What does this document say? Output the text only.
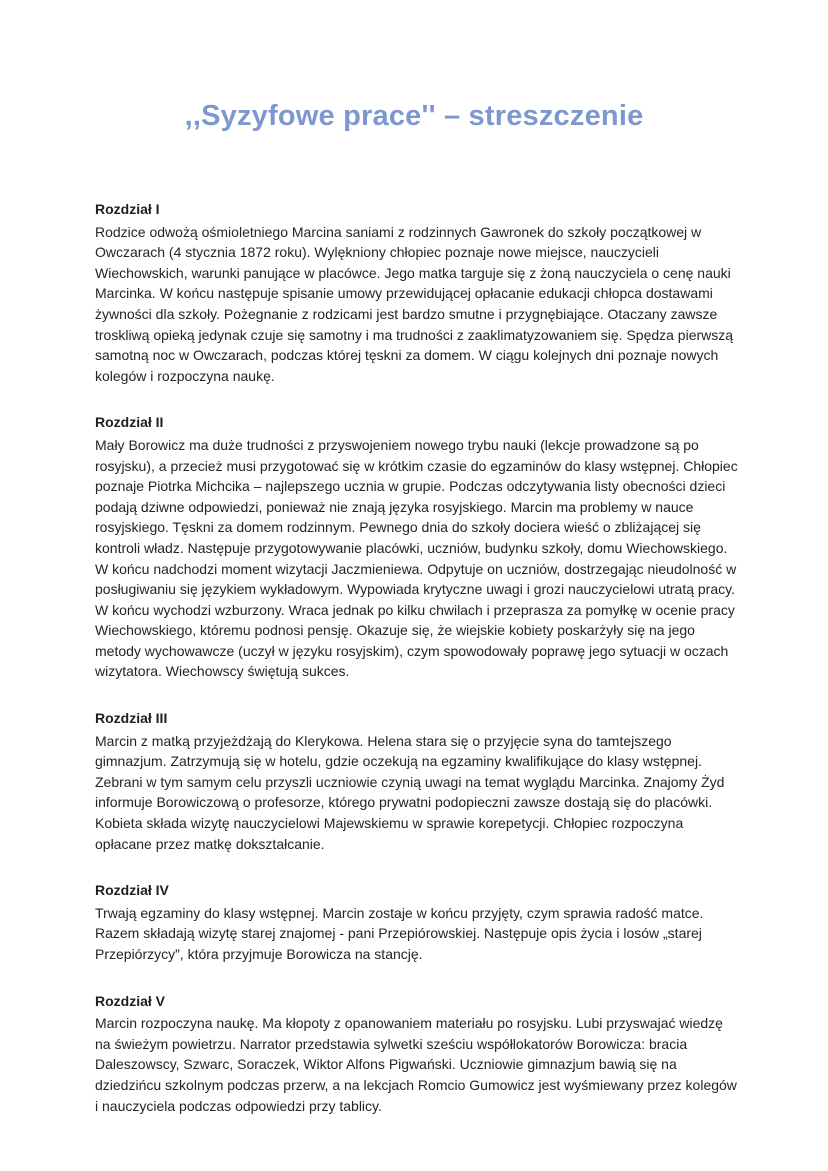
,,Syzyfowe prace'' – streszczenie
Rozdział I

Rodzice odwożą ośmioletniego Marcina saniami z rodzinnych Gawronek do szkoły początkowej w Owczarach (4 stycznia 1872 roku). Wylękniony chłopiec poznaje nowe miejsce, nauczycieli Wiechowskich, warunki panujące w placówce. Jego matka targuje się z żoną nauczyciela o cenę nauki Marcinka. W końcu następuje spisanie umowy przewidującej opłacanie edukacji chłopca dostawami żywności dla szkoły. Pożegnanie z rodzicami jest bardzo smutne i przygnębiające. Otaczany zawsze troskliwą opieką jedynak czuje się samotny i ma trudności z zaaklimatyzowaniem się. Spędza pierwszą samotną noc w Owczarach, podczas której tęskni za domem. W ciągu kolejnych dni poznaje nowych kolegów i rozpoczyna naukę.

Rozdział II

Mały Borowicz ma duże trudności z przyswojeniem nowego trybu nauki (lekcje prowadzone są po rosyjsku), a przecież musi przygotować się w krótkim czasie do egzaminów do klasy wstępnej. Chłopiec poznaje Piotrka Michcika – najlepszego ucznia w grupie. Podczas odczytywania listy obecności dzieci podają dziwne odpowiedzi, ponieważ nie znają języka rosyjskiego. Marcin ma problemy w nauce rosyjskiego. Tęskni za domem rodzinnym. Pewnego dnia do szkoły dociera wieść o zbliżającej się kontroli władz. Następuje przygotowywanie placówki, uczniów, budynku szkoły, domu Wiechowskiego. W końcu nadchodzi moment wizytacji Jaczmieniewa. Odpytuje on uczniów, dostrzegając nieudolność w posługiwaniu się językiem wykładowym. Wypowiada krytyczne uwagi i grozi nauczycielowi utratą pracy. W końcu wychodzi wzburzony. Wraca jednak po kilku chwilach i przeprasza za pomyłkę w ocenie pracy Wiechowskiego, któremu podnosi pensję. Okazuje się, że wiejskie kobiety poskarżyły się na jego metody wychowawcze (uczył w języku rosyjskim), czym spowodowały poprawę jego sytuacji w oczach wizytatora. Wiechowscy świętują sukces.

Rozdział III

Marcin z matką przyjeżdżają do Klerykowa. Helena stara się o przyjęcie syna do tamtejszego gimnazjum. Zatrzymują się w hotelu, gdzie oczekują na egzaminy kwalifikujące do klasy wstępnej. Zebrani w tym samym celu przyszli uczniowie czynią uwagi na temat wyglądu Marcinka. Znajomy Żyd informuje Borowiczową o profesorze, którego prywatni podopieczni zawsze dostają się do placówki. Kobieta składa wizytę nauczycielowi Majewskiemu w sprawie korepetycji. Chłopiec rozpoczyna opłacane przez matkę dokształcanie.

Rozdział IV

Trwają egzaminy do klasy wstępnej. Marcin zostaje w końcu przyjęty, czym sprawia radość matce. Razem składają wizytę starej znajomej - pani Przepiórowskiej. Następuje opis życia i losów „starej Przepiórzycy”, która przyjmuje Borowicza na stancję.

Rozdział V

Marcin rozpoczyna naukę. Ma kłopoty z opanowaniem materiału po rosyjsku. Lubi przyswajać wiedzę na świeżym powietrzu. Narrator przedstawia sylwetki sześciu współlokatorów Borowicza: bracia Daleszowscy, Szwarc, Soraczek, Wiktor Alfons Pigwański. Uczniowie gimnazjum bawią się na dziedzińcu szkolnym podczas przerw, a na lekcjach Romcio Gumowicz jest wyśmiewany przez kolegów i nauczyciela podczas odpowiedzi przy tablicy.
